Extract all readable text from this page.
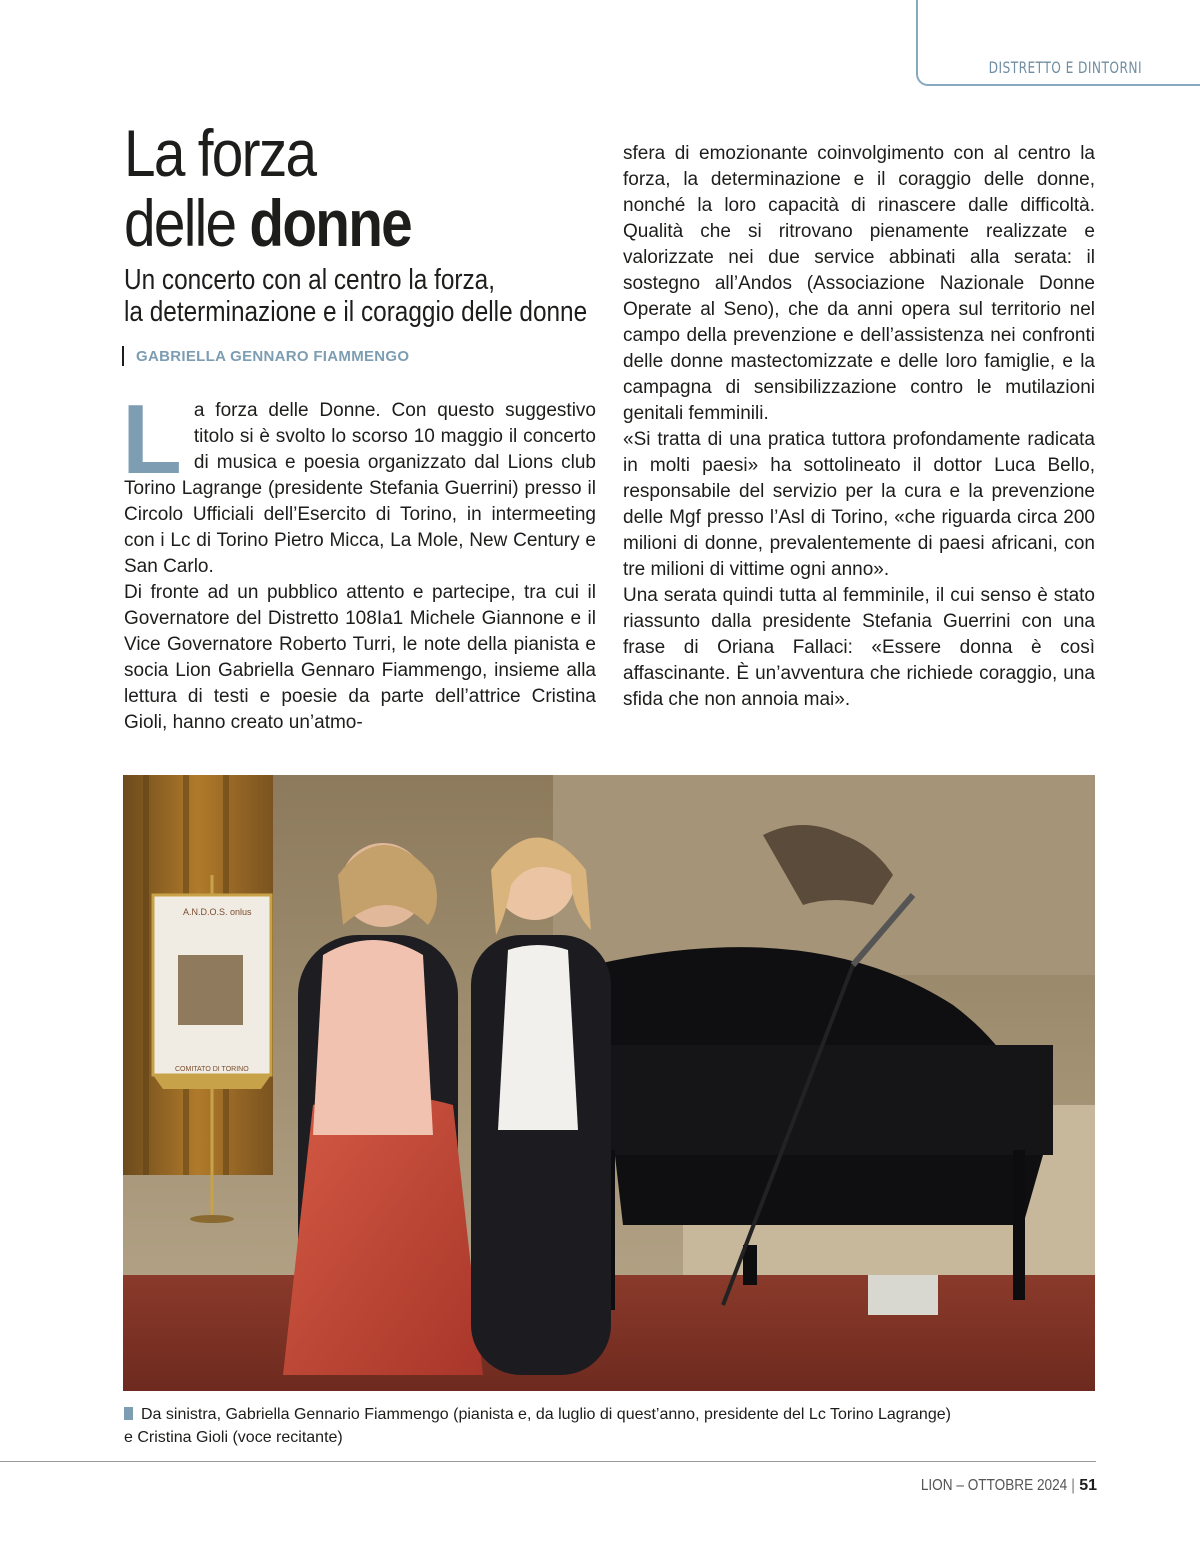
DISTRETTO E DINTORNI
La forza
delle donne
Un concerto con al centro la forza,
la determinazione e il coraggio delle donne
GABRIELLA GENNARO FIAMMENGO
L a forza delle Donne. Con questo suggestivo titolo si è svolto lo scorso 10 maggio il concerto di musica e poesia organizzato dal Lions club Torino Lagrange (presidente Stefania Guerrini) presso il Circolo Ufficiali dell’Esercito di Torino, in intermeeting con i Lc di Torino Pietro Micca, La Mole, New Century e San Carlo.

Di fronte ad un pubblico attento e partecipe, tra cui il Governatore del Distretto 108Ia1 Michele Giannone e il Vice Governatore Roberto Turri, le note della pianista e socia Lion Gabriella Gennaro Fiammengo, insieme alla lettura di testi e poesie da parte dell’attrice Cristina Gioli, hanno creato un’atmo-

sfera di emozionante coinvolgimento con al centro la forza, la determinazione e il coraggio delle donne, nonché la loro capacità di rinascere dalle difficoltà. Qualità che si ritrovano pienamente realizzate e valorizzate nei due service abbinati alla serata: il sostegno all’Andos (Associazione Nazionale Donne Operate al Seno), che da anni opera sul territorio nel campo della prevenzione e dell’assistenza nei confronti delle donne mastectomizzate e delle loro famiglie, e la campagna di sensibilizzazione contro le mutilazioni genitali femminili.

«Si tratta di una pratica tuttora profondamente radicata in molti paesi» ha sottolineato il dottor Luca Bello, responsabile del servizio per la cura e la prevenzione delle Mgf presso l’Asl di Torino, «che riguarda circa 200 milioni di donne, prevalentemente di paesi africani, con tre milioni di vittime ogni anno».

Una serata quindi tutta al femminile, il cui senso è stato riassunto dalla presidente Stefania Guerrini con una frase di Oriana Fallaci: «Essere donna è così affascinante. È un’avventura che richiede coraggio, una sfida che non annoia mai».

A.N.D.O.S. onlus
COMITATO DI TORINO
Da sinistra, Gabriella Gennario Fiammengo (pianista e, da luglio di quest’anno, presidente del Lc Torino Lagrange)
e Cristina Gioli (voce recitante)
LION – OTTOBRE 2024 | 51
